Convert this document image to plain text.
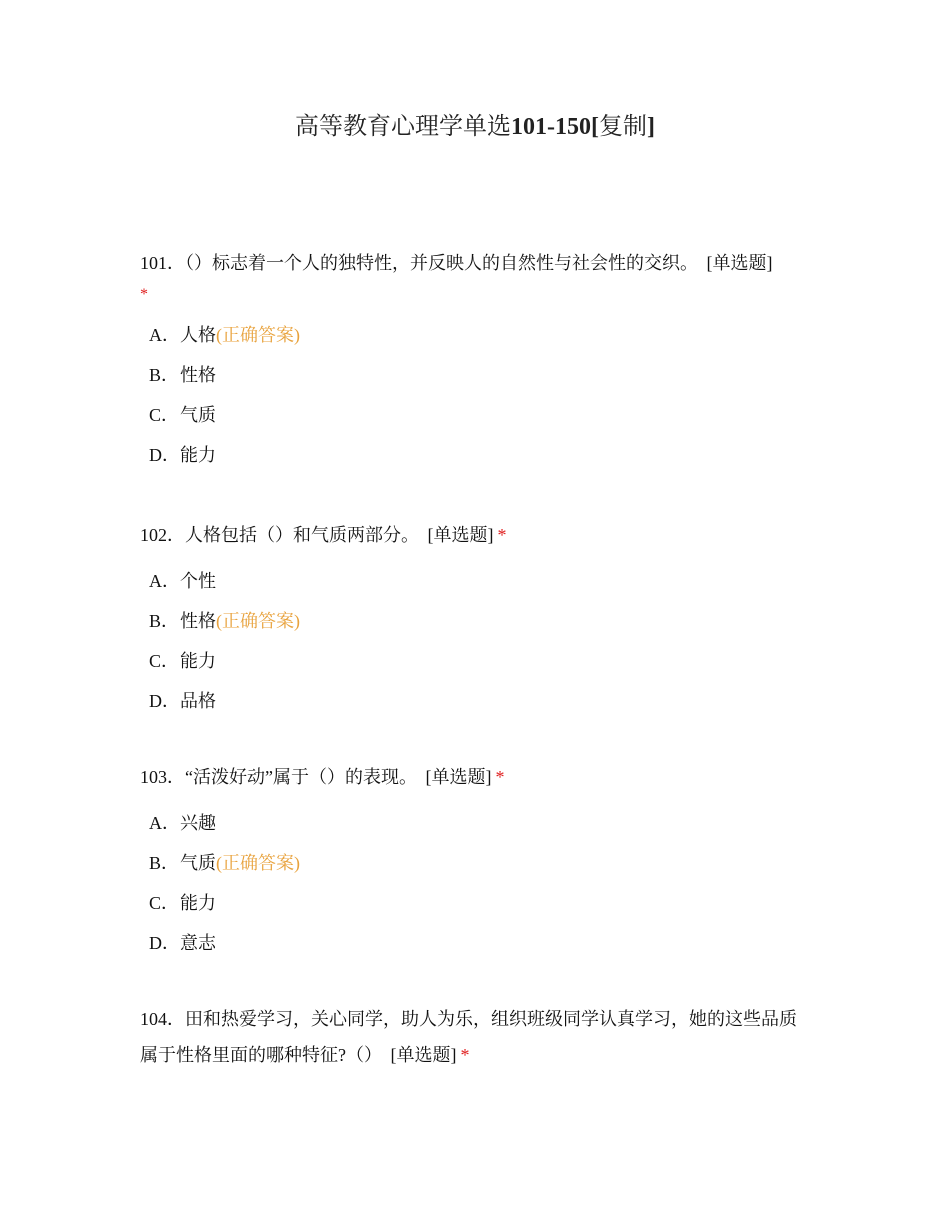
高等教育心理学单选101-150[复制]

101．（）标志着一个人的独特性，并反映人的自然性与社会性的交织。 [单选题]

*
A．人格(正确答案)
B．性格
C．气质
D．能力

102．人格包括（）和气质两部分。 [单选题] *

A．个性
B．性格(正确答案)
C．能力
D．品格

103．“活泼好动”属于（）的表现。 [单选题] *

A．兴趣
B．气质(正确答案)
C．能力
D．意志

104．田和热爱学习，关心同学，助人为乐，组织班级同学认真学习，她的这些品质属于性格里面的哪种特征?（） [单选题] *
